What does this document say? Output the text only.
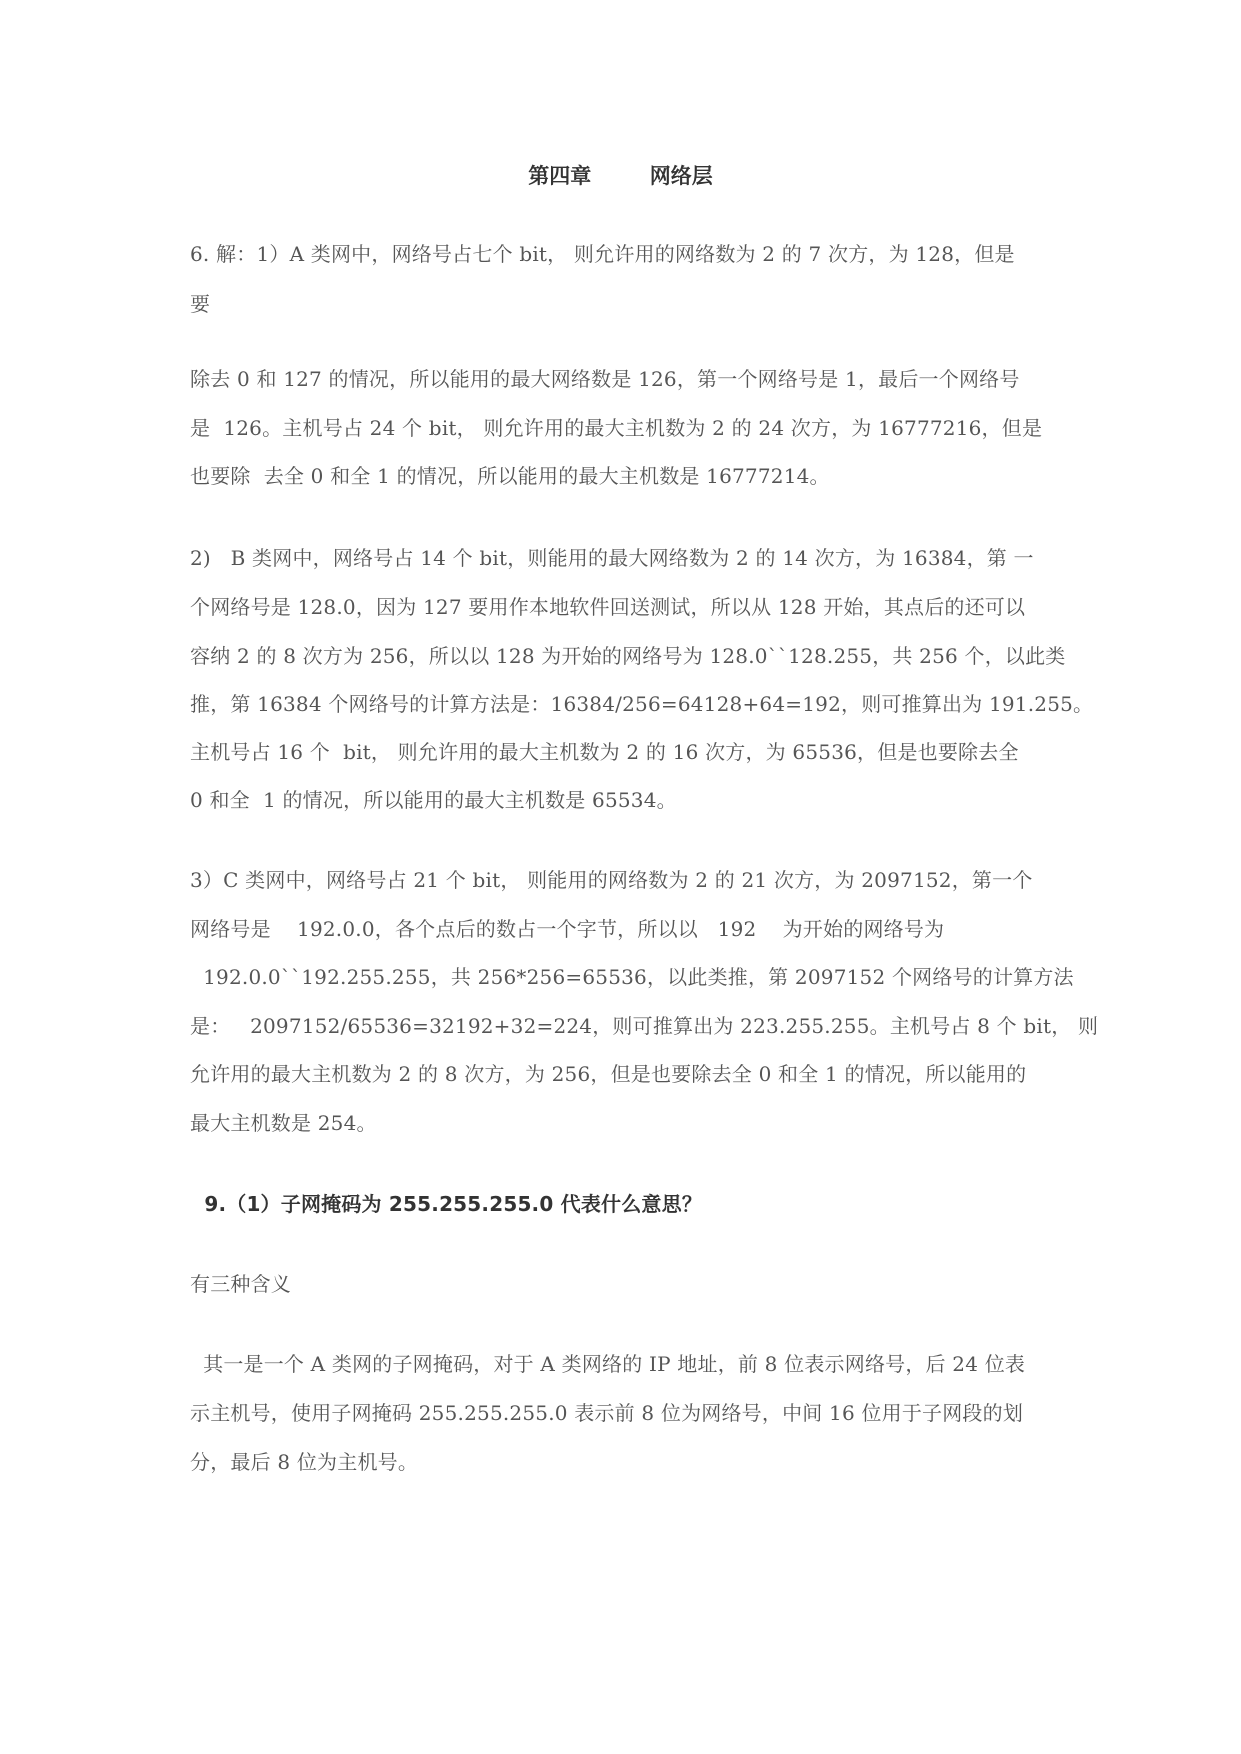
第四章        网络层
6. 解：1）A 类网中，网络号占七个 bit， 则允许用的网络数为 2 的 7 次方，为 128，但是
要
除去 0 和 127 的情况，所以能用的最大网络数是 126，第一个网络号是 1，最后一个网络号
是  126。主机号占 24 个 bit， 则允许用的最大主机数为 2 的 24 次方，为 16777216，但是
也要除  去全 0 和全 1 的情况，所以能用的最大主机数是 16777214。
2)   B 类网中，网络号占 14 个 bit，则能用的最大网络数为 2 的 14 次方，为 16384，第 一
个网络号是 128.0，因为 127 要用作本地软件回送测试，所以从 128 开始，其点后的还可以
容纳 2 的 8 次方为 256，所以以 128 为开始的网络号为 128.0``128.255，共 256 个，以此类
推，第 16384 个网络号的计算方法是：16384/256=64128+64=192，则可推算出为 191.255。
主机号占 16 个  bit， 则允许用的最大主机数为 2 的 16 次方，为 65536，但是也要除去全
0 和全  1 的情况，所以能用的最大主机数是 65534。
3）C 类网中，网络号占 21 个 bit， 则能用的网络数为 2 的 21 次方，为 2097152，第一个
网络号是    192.0.0，各个点后的数占一个字节，所以以   192    为开始的网络号为
192.0.0``192.255.255，共 256*256=65536，以此类推，第 2097152 个网络号的计算方法
是：   2097152/65536=32192+32=224，则可推算出为 223.255.255。主机号占 8 个 bit， 则
允许用的最大主机数为 2 的 8 次方，为 256，但是也要除去全 0 和全 1 的情况，所以能用的
最大主机数是 254。
9.（1）子网掩码为 255.255.255.0 代表什么意思？
有三种含义
其一是一个 A 类网的子网掩码，对于 A 类网络的 IP 地址，前 8 位表示网络号，后 24 位表
示主机号，使用子网掩码 255.255.255.0 表示前 8 位为网络号，中间 16 位用于子网段的划
分，最后 8 位为主机号。
